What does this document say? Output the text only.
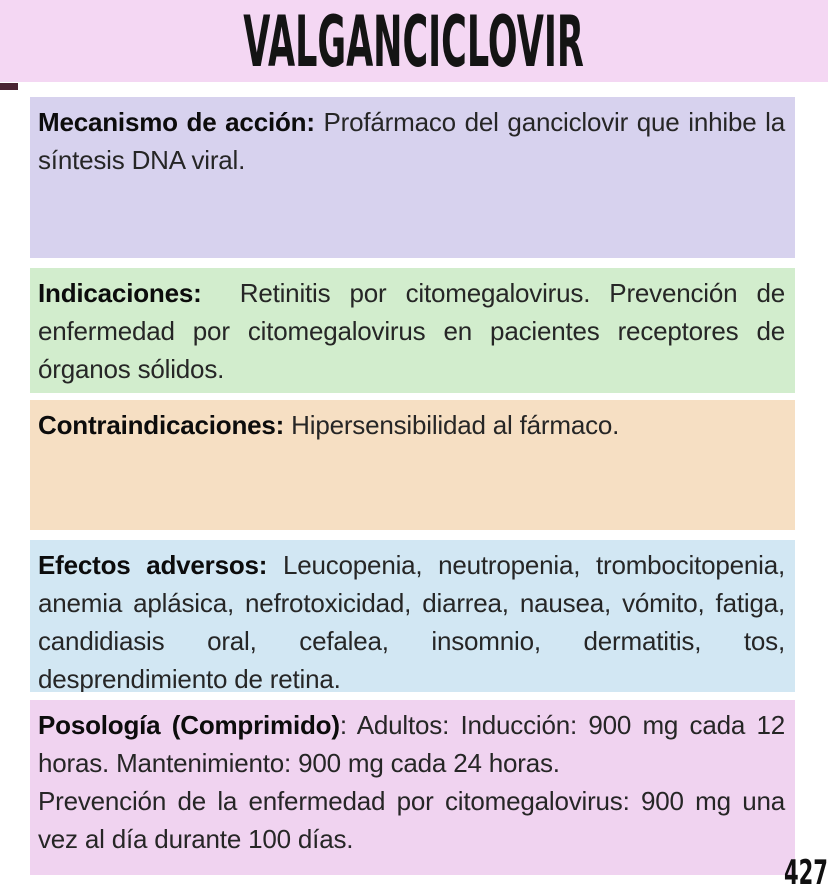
VALGANCICLOVIR

Mecanismo de acción: Profármaco del ganciclovir que inhibe la síntesis DNA viral.

Indicaciones: Retinitis por citomegalovirus. Prevención de enfermedad por citomegalovirus en pacientes receptores de órganos sólidos.

Contraindicaciones: Hipersensibilidad al fármaco.

Efectos adversos: Leucopenia, neutropenia, trombocitopenia, anemia aplásica, nefrotoxicidad, diarrea, nausea, vómito, fatiga, candidiasis oral, cefalea, insomnio, dermatitis, tos, desprendimiento de retina.

Posología (Comprimido): Adultos: Inducción: 900 mg cada 12 horas. Mantenimiento: 900 mg cada 24 horas.

Prevención de la enfermedad por citomegalovirus: 900 mg una vez al día durante 100 días.

427
